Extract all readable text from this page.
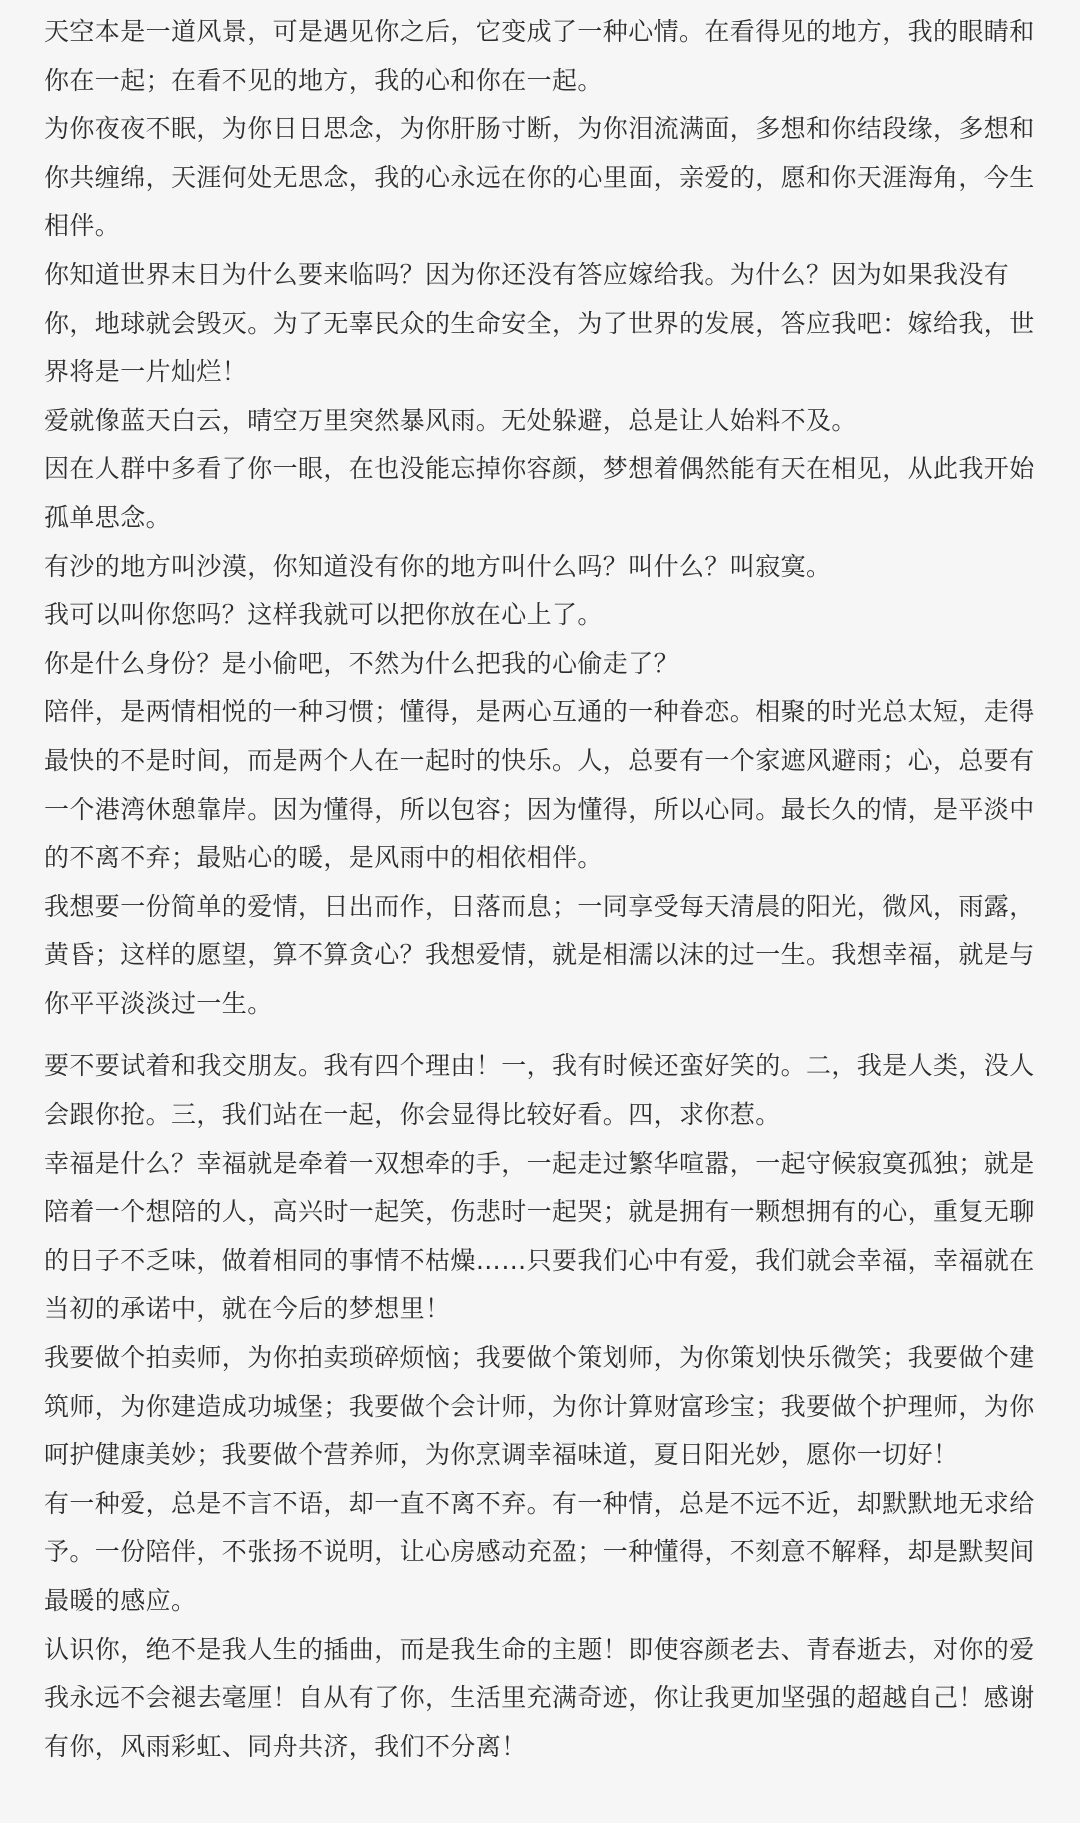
天空本是一道风景，可是遇见你之后，它变成了一种心情。在看得见的地方，我的眼睛和你在一起；在看不见的地方，我的心和你在一起。

为你夜夜不眠，为你日日思念，为你肝肠寸断，为你泪流满面，多想和你结段缘，多想和你共缠绵，天涯何处无思念，我的心永远在你的心里面，亲爱的，愿和你天涯海角，今生相伴。

你知道世界末日为什么要来临吗？因为你还没有答应嫁给我。为什么？因为如果我没有你，地球就会毁灭。为了无辜民众的生命安全，为了世界的发展，答应我吧：嫁给我，世界将是一片灿烂！

爱就像蓝天白云，晴空万里突然暴风雨。无处躲避，总是让人始料不及。

因在人群中多看了你一眼，在也没能忘掉你容颜，梦想着偶然能有天在相见，从此我开始孤单思念。

有沙的地方叫沙漠，你知道没有你的地方叫什么吗？叫什么？叫寂寞。

我可以叫你您吗？这样我就可以把你放在心上了。

你是什么身份？是小偷吧，不然为什么把我的心偷走了？

陪伴，是两情相悦的一种习惯；懂得，是两心互通的一种眷恋。相聚的时光总太短，走得最快的不是时间，而是两个人在一起时的快乐。人，总要有一个家遮风避雨；心，总要有一个港湾休憩靠岸。因为懂得，所以包容；因为懂得，所以心同。最长久的情，是平淡中的不离不弃；最贴心的暖，是风雨中的相依相伴。

我想要一份简单的爱情，日出而作，日落而息；一同享受每天清晨的阳光，微风，雨露，黄昏；这样的愿望，算不算贪心？我想爱情，就是相濡以沫的过一生。我想幸福，就是与你平平淡淡过一生。

要不要试着和我交朋友。我有四个理由！一，我有时候还蛮好笑的。二，我是人类，没人会跟你抢。三，我们站在一起，你会显得比较好看。四，求你惹。

幸福是什么？幸福就是牵着一双想牵的手，一起走过繁华喧嚣，一起守候寂寞孤独；就是陪着一个想陪的人，高兴时一起笑，伤悲时一起哭；就是拥有一颗想拥有的心，重复无聊的日子不乏味，做着相同的事情不枯燥……只要我们心中有爱，我们就会幸福，幸福就在当初的承诺中，就在今后的梦想里！

我要做个拍卖师，为你拍卖琐碎烦恼；我要做个策划师，为你策划快乐微笑；我要做个建筑师，为你建造成功城堡；我要做个会计师，为你计算财富珍宝；我要做个护理师，为你呵护健康美妙；我要做个营养师，为你烹调幸福味道，夏日阳光妙，愿你一切好！

有一种爱，总是不言不语，却一直不离不弃。有一种情，总是不远不近，却默默地无求给予。一份陪伴，不张扬不说明，让心房感动充盈；一种懂得，不刻意不解释，却是默契间最暖的感应。

认识你，绝不是我人生的插曲，而是我生命的主题！即使容颜老去、青春逝去，对你的爱我永远不会褪去毫厘！自从有了你，生活里充满奇迹，你让我更加坚强的超越自己！感谢有你，风雨彩虹、同舟共济，我们不分离！
